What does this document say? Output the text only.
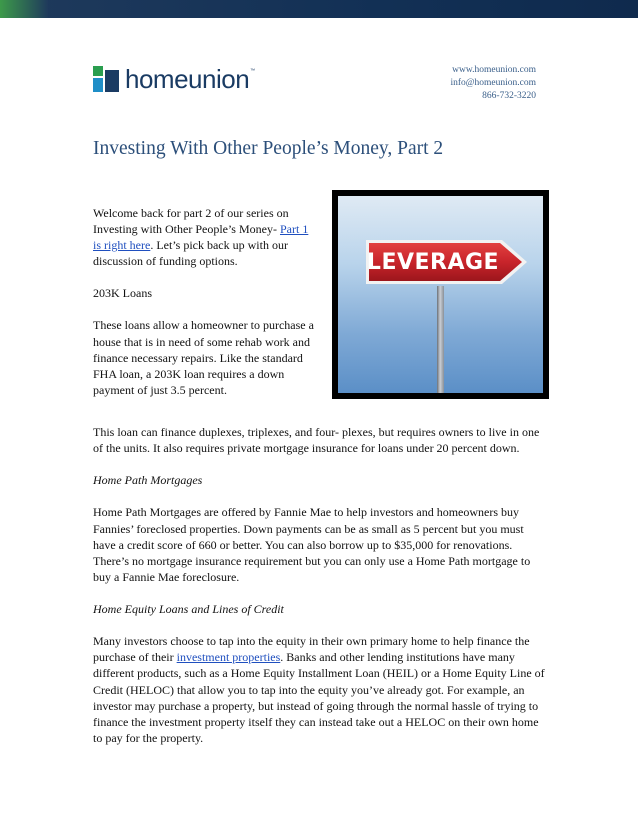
homeunion ™	www.homeunion.com
info@homeunion.com
866-732-3220
Investing With Other People’s Money, Part 2

Welcome back for part 2 of our series on Investing with Other People’s Money- Part 1 is right here. Let’s pick back up with our discussion of funding options.

203K Loans

These loans allow a homeowner to purchase a house that is in need of some rehab work and finance necessary repairs. Like the standard FHA loan, a 203K loan requires a down payment of just 3.5 percent.

LEVERAGE

This loan can finance duplexes, triplexes, and four- plexes, but requires owners to live in one of the units. It also requires private mortgage insurance for loans under 20 percent down.

Home Path Mortgages

Home Path Mortgages are offered by Fannie Mae to help investors and homeowners buy Fannies’ foreclosed properties. Down payments can be as small as 5 percent but you must have a credit score of 660 or better. You can also borrow up to $35,000 for renovations. There’s no mortgage insurance requirement but you can only use a Home Path mortgage to buy a Fannie Mae foreclosure.

Home Equity Loans and Lines of Credit

Many investors choose to tap into the equity in their own primary home to help finance the purchase of their investment properties. Banks and other lending institutions have many different products, such as a Home Equity Installment Loan (HEIL) or a Home Equity Line of Credit (HELOC) that allow you to tap into the equity you’ve already got. For example, an investor may purchase a property, but instead of going through the normal hassle of trying to finance the investment property itself they can instead take out a HELOC on their own home to pay for the property.
